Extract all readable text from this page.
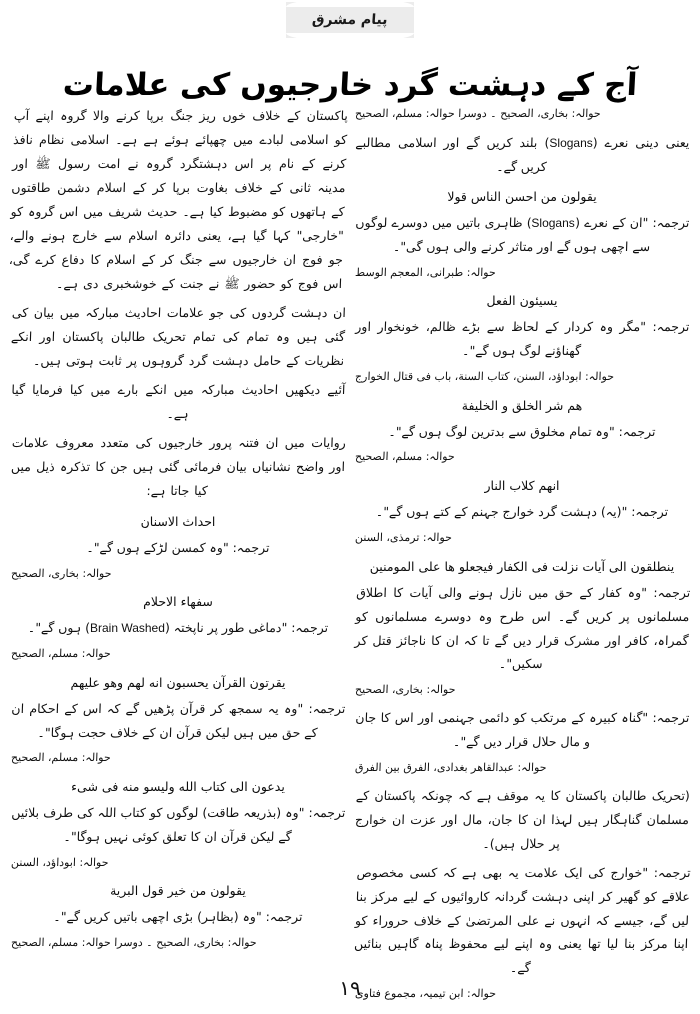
پیام مشرق
آج کے دہشت گرد خارجیوں کی علامات
حوالہ: بخاری، الصحیح ۔ دوسرا حوالہ: مسلم، الصحیح
یعنی دینی نعرے (Slogans) بلند کریں گے اور اسلامی مطالبے کریں گے۔
یقولون من احسن الناس قولا
ترجمہ: "ان کے نعرے (Slogans) ظاہری باتیں میں دوسرے لوگوں سے اچھی ہوں گے اور متاثر کرنے والی ہوں گی"۔
حوالہ: طبرانی، المعجم الوسط
یسیئون الفعل
ترجمہ: "مگر وہ کردار کے لحاظ سے بڑے ظالم، خونخوار اور گھناؤنے لوگ ہوں گے"۔
حوالہ: ابوداؤد، السنن، کتاب السنة، باب فی قتال الخوارج
هم شر الخلق و الخلیفة
ترجمہ: "وہ تمام مخلوق سے بدترین لوگ ہوں گے"۔
حوالہ: مسلم، الصحیح
انهم کلاب النار
ترجمہ: "(یہ) دہشت گرد خوارج جہنم کے کتے ہوں گے"۔
حوالہ: ترمذی، السنن
ینطلقون الی آیات نزلت فی الکفار فیجعلو ها علی المومنین
ترجمہ: "وہ کفار کے حق میں نازل ہونے والی آیات کا اطلاق مسلمانوں پر کریں گے۔ اس طرح وہ دوسرے مسلمانوں کو گمراہ، کافر اور مشرک قرار دیں گے تا کہ ان کا ناجائز قتل کر سکیں"۔
حوالہ: بخاری، الصحیح
ترجمہ: "گناہ کبیرہ کے مرتکب کو دائمی جہنمی اور اس کا جان و مال حلال قرار دیں گے"۔
حوالہ: عبدالقاهر بغدادی، الفرق بین الفرق
(تحریک طالبان پاکستان کا یہ موقف ہے کہ چونکہ پاکستان کے مسلمان گناہگار ہیں لہذا ان کا جان، مال اور عزت ان خوارج پر حلال ہیں)۔
ترجمہ: "خوارج کی ایک علامت یہ بھی ہے کہ کسی مخصوص علاقے کو گھیر کر اپنی دہشت گردانہ کاروائیوں کے لیے مرکز بنا لیں گے، جیسے کہ انہوں نے علی المرتضیٰ کے خلاف حروراء کو اپنا مرکز بنا لیا تھا یعنی وہ اپنے لیے محفوظ پناہ گاہیں بنائیں گے۔
حوالہ: ابن تیمیہ، مجموع فتاویٰ
پاکستان کے خلاف خوں ریز جنگ برپا کرنے والا گروہ اپنے آپ کو اسلامی لبادے میں چھپائے ہوئے ہے ہے۔ اسلامی نظام نافذ کرنے کے نام پر اس دہشتگرد گروہ نے امت رسول ﷺ اور مدینہ ثانی کے خلاف بغاوت برپا کر کے اسلام دشمن طاقتوں کے ہاتھوں کو مضبوط کیا ہے۔ حدیث شریف میں اس گروہ کو "خارجی" کہا گیا ہے، یعنی دائرہ اسلام سے خارج ہونے والے، جو فوج ان خارجیوں سے جنگ کر کے اسلام کا دفاع کرے گی، اس فوج کو حضور ﷺ نے جنت کے خوشخبری دی ہے۔
ان دہشت گردوں کی جو علامات احادیث مبارکہ میں بیان کی گئی ہیں وہ تمام کی تمام تحریک طالبان پاکستان اور انکے نظریات کے حامل دہشت گرد گروہوں پر ثابت ہوتی ہیں۔
آئیے دیکھیں احادیث مبارکہ میں انکے بارے میں کیا فرمایا گیا ہے۔
روایات میں ان فتنہ پرور خارجیوں کی متعدد معروف علامات اور واضح نشانیاں بیان فرمائی گئی ہیں جن کا تذکرہ ذیل میں کیا جاتا ہے:
احداث الاسنان
ترجمہ: "وہ کمسن لڑکے ہوں گے"۔
حوالہ: بخاری، الصحیح
سفهاء الاحلام
ترجمہ: "دماغی طور پر ناپختہ (Brain Washed) ہوں گے"۔
حوالہ: مسلم، الصحیح
یقرتون القرآن یحسبون انه لهم وهو علیهم
ترجمہ: "وہ یہ سمجھ کر قرآن پڑھیں گے کہ اس کے احکام ان کے حق میں ہیں لیکن قرآن ان کے خلاف حجت ہوگا"۔
حوالہ: مسلم، الصحیح
یدعون الی کتاب الله ولیسو منه فی شیء
ترجمہ: "وہ (بذریعہ طاقت) لوگوں کو کتاب اللہ کی طرف بلائیں گے لیکن قرآن ان کا تعلق کوئی نہیں ہوگا"۔
حوالہ: ابوداؤد، السنن
یقولون من خیر قول البریة
ترجمہ: "وہ (بظاہر) بڑی اچھی باتیں کریں گے"۔
حوالہ: بخاری، الصحیح ۔ دوسرا حوالہ: مسلم، الصحیح
۱۹
